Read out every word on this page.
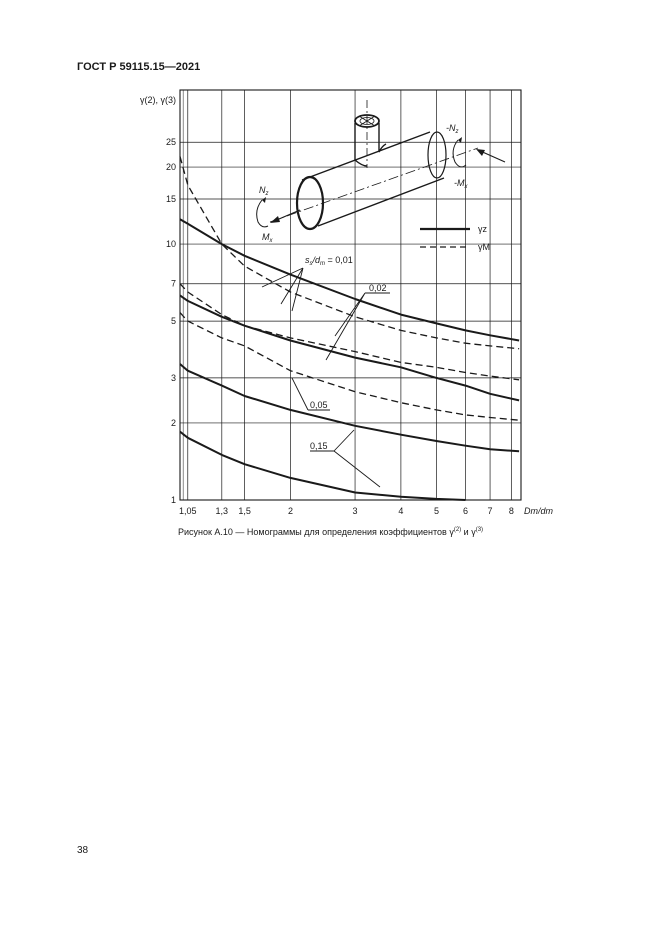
ГОСТ Р 59115.15—2021
1,05 1,3 1,5	2	3	4	5	6 7 8
1
2
3
5
7
10
15
20
25
γ(2), γ(3)
Dm/dm
$-N_z$
$-M_x$
$N_z$
$M_x$
γz
γM
$s_s/d_m = 0,01$
0,02
0,05
0,15
Рисунок А.10 — Номограммы для определения коэффициентов $\gamma^{(2)}$ и $\gamma^{(3)}$
38
